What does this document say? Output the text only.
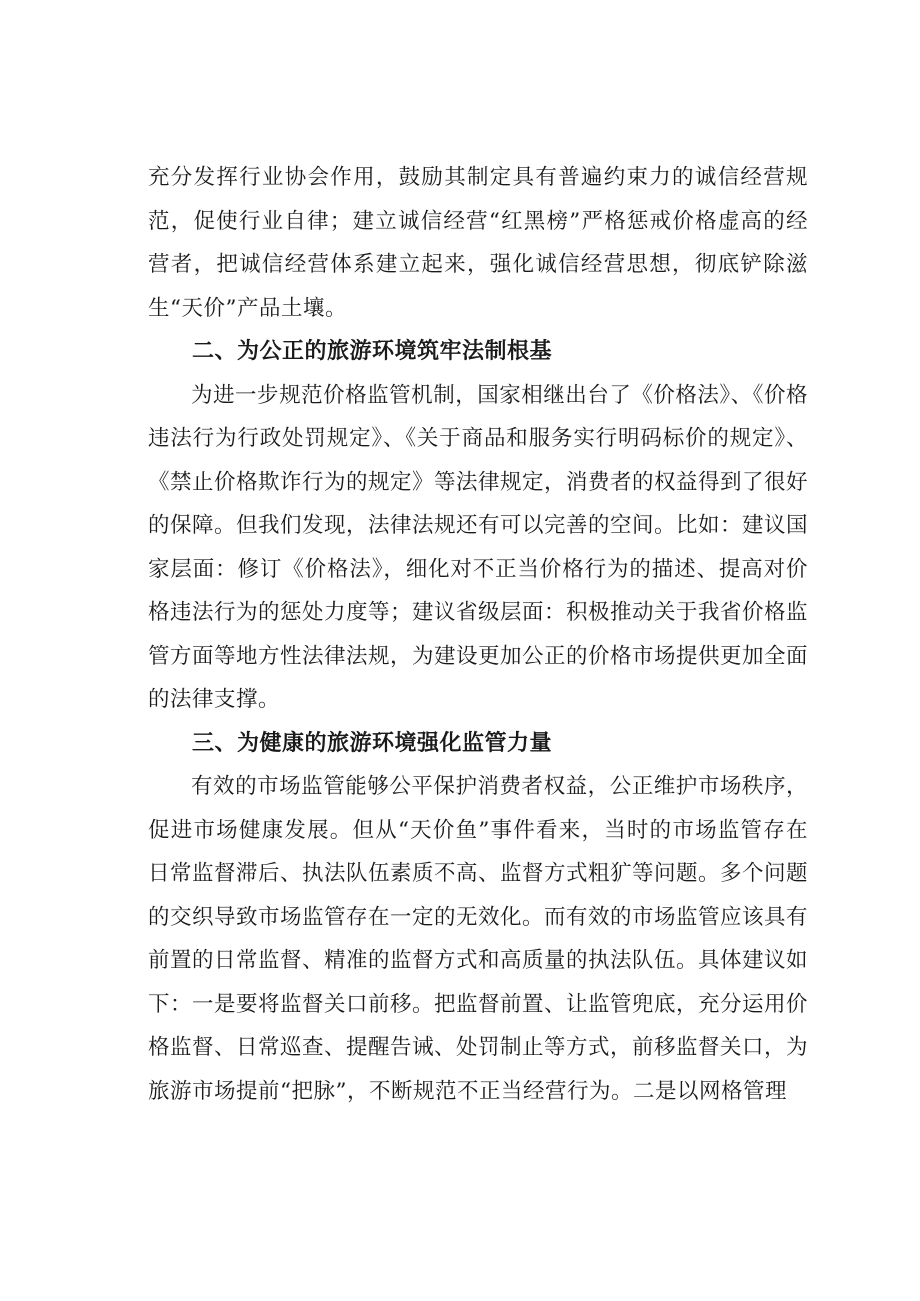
充分发挥行业协会作用，鼓励其制定具有普遍约束力的诚信经营规范，促使行业自律；建立诚信经营“红黑榜”严格惩戒价格虚高的经营者，把诚信经营体系建立起来，强化诚信经营思想，彻底铲除滋生“天价”产品土壤。

二、为公正的旅游环境筑牢法制根基

为进一步规范价格监管机制，国家相继出台了《价格法》、《价格违法行为行政处罚规定》、《关于商品和服务实行明码标价的规定》、《禁止价格欺诈行为的规定》等法律规定，消费者的权益得到了很好的保障。但我们发现，法律法规还有可以完善的空间。比如：建议国家层面：修订《价格法》，细化对不正当价格行为的描述、提高对价格违法行为的惩处力度等；建议省级层面：积极推动关于我省价格监管方面等地方性法律法规，为建设更加公正的价格市场提供更加全面的法律支撑。

三、为健康的旅游环境强化监管力量

有效的市场监管能够公平保护消费者权益，公正维护市场秩序，促进市场健康发展。但从“天价鱼”事件看来，当时的市场监管存在日常监督滞后、执法队伍素质不高、监督方式粗犷等问题。多个问题的交织导致市场监管存在一定的无效化。而有效的市场监管应该具有前置的日常监督、精准的监督方式和高质量的执法队伍。具体建议如下：一是要将监督关口前移。把监督前置、让监管兜底，充分运用价格监督、日常巡查、提醒告诫、处罚制止等方式，前移监督关口，为旅游市场提前“把脉”，不断规范不正当经营行为。二是以网格管理
